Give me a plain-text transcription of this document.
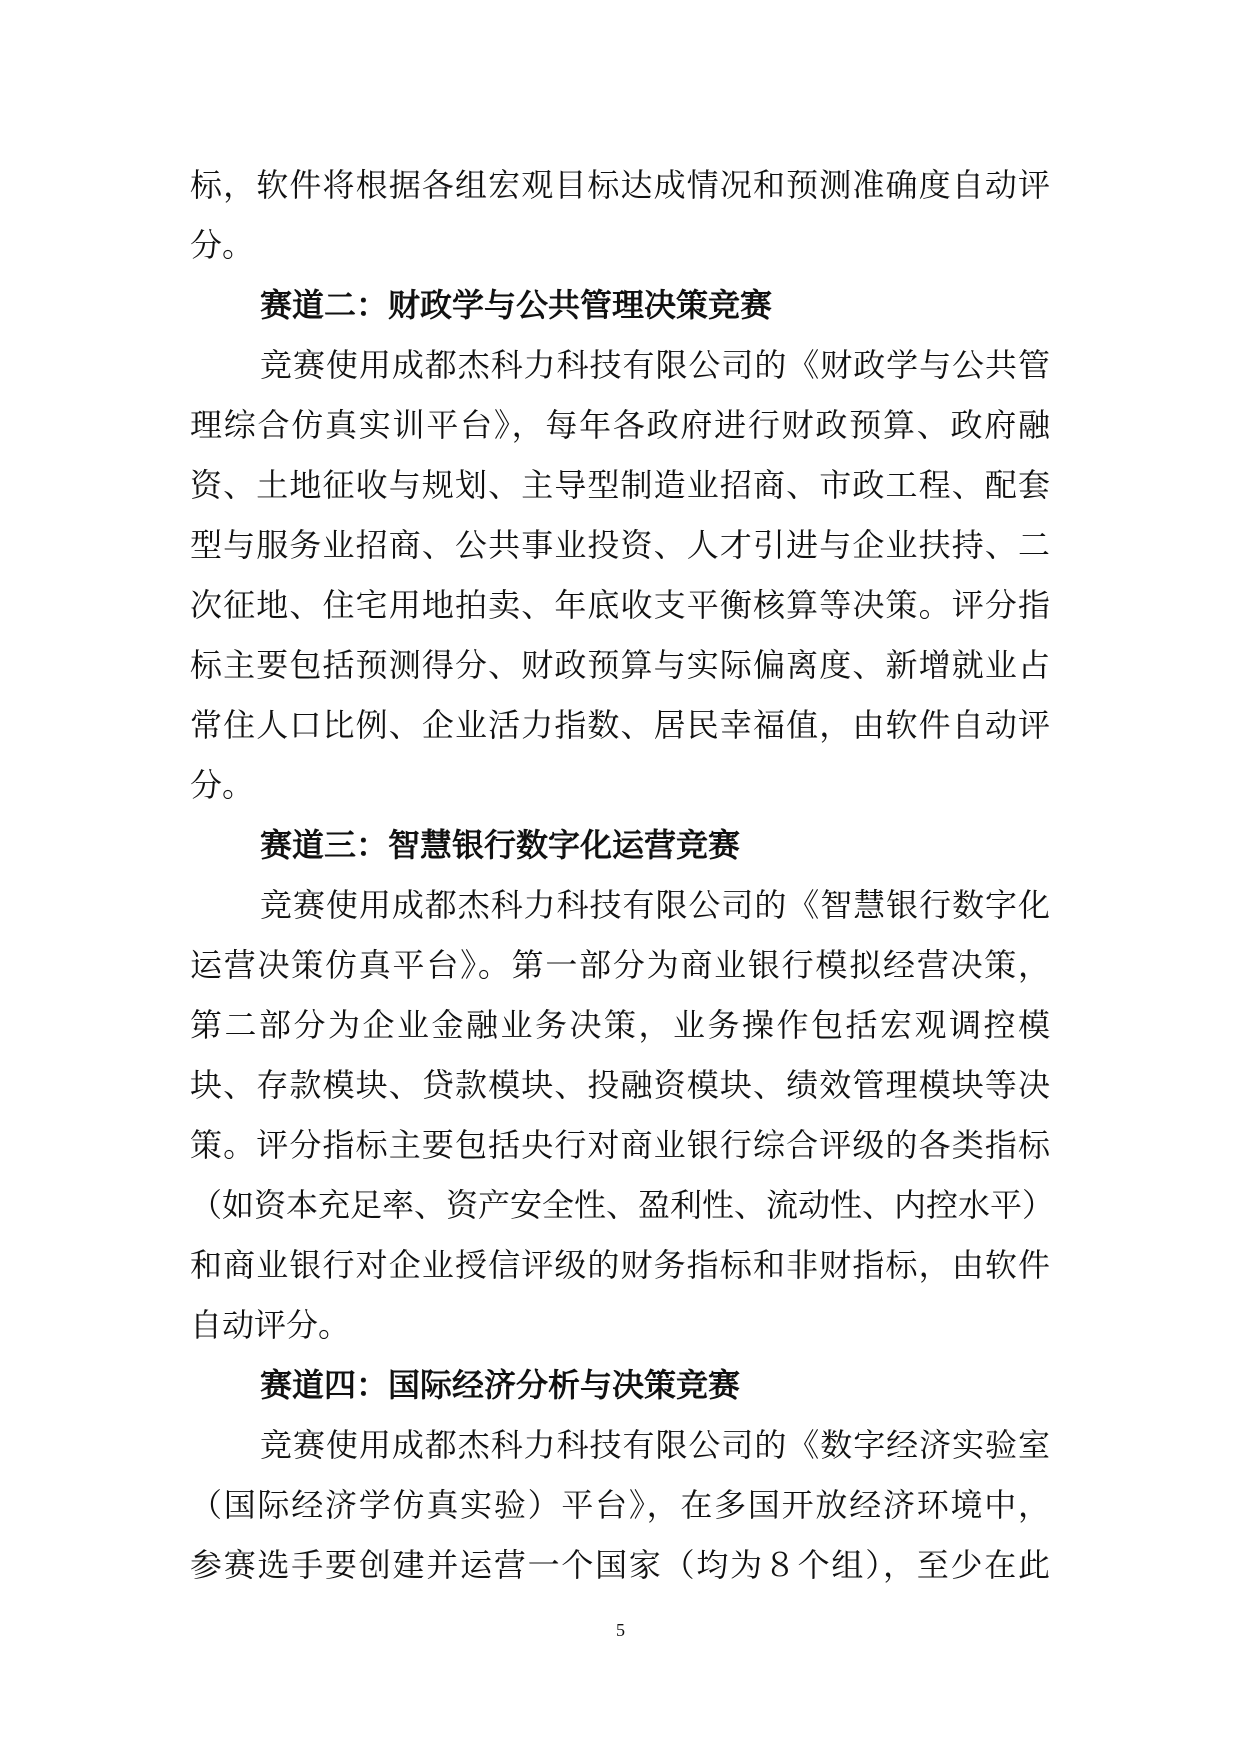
标，软件将根据各组宏观目标达成情况和预测准确度自动评
分。
赛道二：财政学与公共管理决策竞赛
竞赛使用成都杰科力科技有限公司的《财政学与公共管
理综合仿真实训平台》，每年各政府进行财政预算、政府融
资、土地征收与规划、主导型制造业招商、市政工程、配套
型与服务业招商、公共事业投资、人才引进与企业扶持、二
次征地、住宅用地拍卖、年底收支平衡核算等决策。评分指
标主要包括预测得分、财政预算与实际偏离度、新增就业占
常住人口比例、企业活力指数、居民幸福值，由软件自动评
分。
赛道三：智慧银行数字化运营竞赛
竞赛使用成都杰科力科技有限公司的《智慧银行数字化
运营决策仿真平台》。第一部分为商业银行模拟经营决策，
第二部分为企业金融业务决策，业务操作包括宏观调控模
块、存款模块、贷款模块、投融资模块、绩效管理模块等决
策。评分指标主要包括央行对商业银行综合评级的各类指标
（如资本充足率、资产安全性、盈利性、流动性、内控水平）
和商业银行对企业授信评级的财务指标和非财指标，由软件
自动评分。
赛道四：国际经济分析与决策竞赛
竞赛使用成都杰科力科技有限公司的《数字经济实验室
（国际经济学仿真实验）平台》，在多国开放经济环境中，
参赛选手要创建并运营一个国家（均为８个组），至少在此
5
